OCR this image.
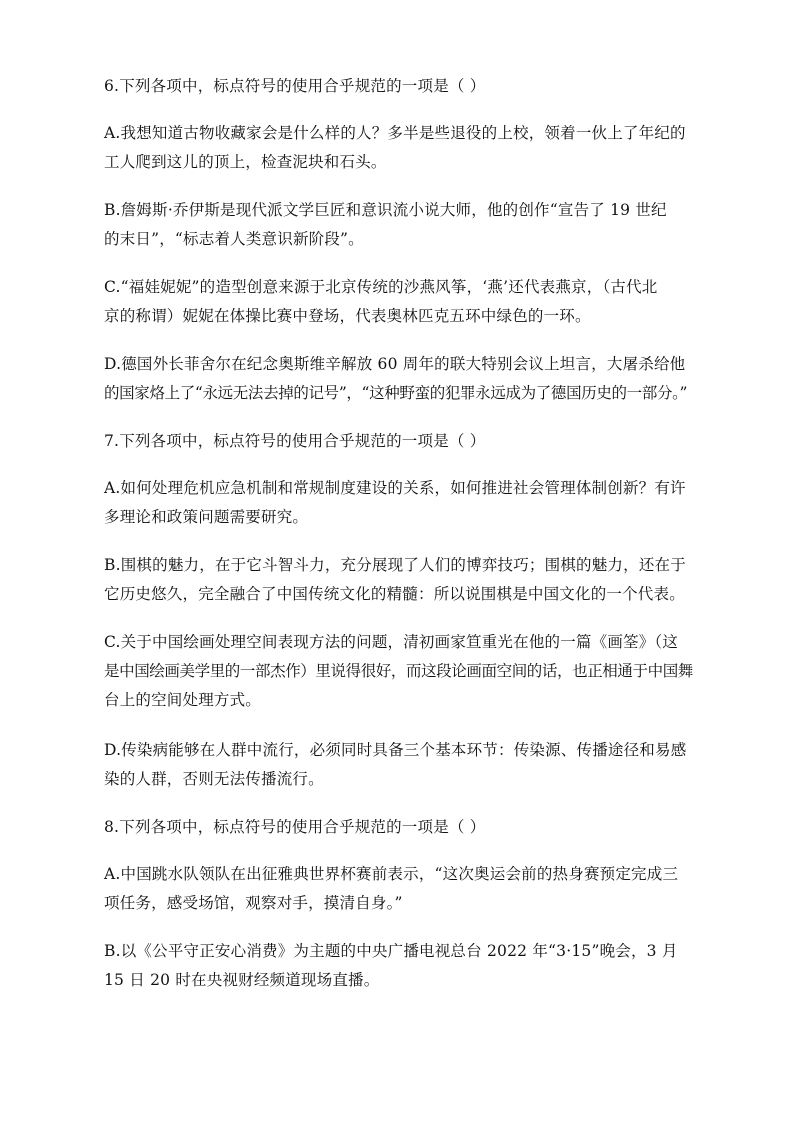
6.下列各项中，标点符号的使用合乎规范的一项是（ ）

A.我想知道古物收藏家会是什么样的人？多半是些退役的上校，领着一伙上了年纪的
工人爬到这儿的顶上，检查泥块和石头。

B.詹姆斯·乔伊斯是现代派文学巨匠和意识流小说大师，他的创作“宣告了 19 世纪
的末日”，“标志着人类意识新阶段”。

C.“福娃妮妮”的造型创意来源于北京传统的沙燕风筝，‘燕’还代表燕京，（古代北
京的称谓）妮妮在体操比赛中登场，代表奥林匹克五环中绿色的一环。

D.德国外长菲舍尔在纪念奥斯维辛解放 60 周年的联大特别会议上坦言，大屠杀给他
的国家烙上了“永远无法去掉的记号”，“这种野蛮的犯罪永远成为了德国历史的一部分。”

7.下列各项中，标点符号的使用合乎规范的一项是（ ）

A.如何处理危机应急机制和常规制度建设的关系，如何推进社会管理体制创新？有许
多理论和政策问题需要研究。

B.围棋的魅力，在于它斗智斗力，充分展现了人们的博弈技巧；围棋的魅力，还在于
它历史悠久，完全融合了中国传统文化的精髓：所以说围棋是中国文化的一个代表。

C.关于中国绘画处理空间表现方法的问题，清初画家笪重光在他的一篇《画筌》（这
是中国绘画美学里的一部杰作）里说得很好，而这段论画面空间的话，也正相通于中国舞
台上的空间处理方式。

D.传染病能够在人群中流行，必须同时具备三个基本环节：传染源、传播途径和易感
染的人群，否则无法传播流行。

8.下列各项中，标点符号的使用合乎规范的一项是（ ）

A.中国跳水队领队在出征雅典世界杯赛前表示，“这次奥运会前的热身赛预定完成三
项任务，感受场馆，观察对手，摸清自身。”

B.以《公平守正安心消费》为主题的中央广播电视总台 2022 年“3·15”晚会，3 月
15 日 20 时在央视财经频道现场直播。
